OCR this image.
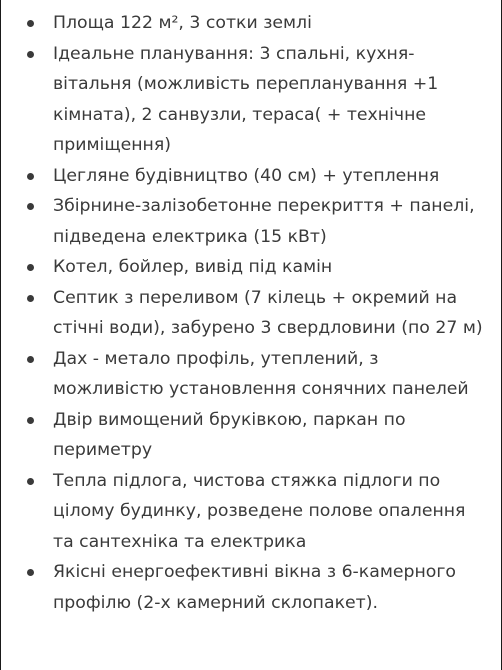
Площа 122 м², 3 сотки землі
Ідеальне планування: 3 спальні, кухня-вітальня (можливість перепланування +1 кімната), 2 санвузли, тераса( + технічне приміщення)
Цегляне будівництво (40 см) + утеплення
Збірнине-залізобетонне перекриття + панелі, підведена електрика (15 кВт)
Котел, бойлер, вивід під камін
Септик з переливом (7 кілець + окремий на стічні води), забурено 3 свердловини (по 27 м)
Дах - метало профіль, утеплений, з можливістю установлення сонячних панелей
Двір вимощений бруківкою, паркан по периметру
Тепла підлога, чистова стяжка підлоги по цілому будинку, розведене полове опалення та сантехніка та електрика
Якісні енергоефективні вікна з 6-камерного профілю (2-х камерний склопакет).
